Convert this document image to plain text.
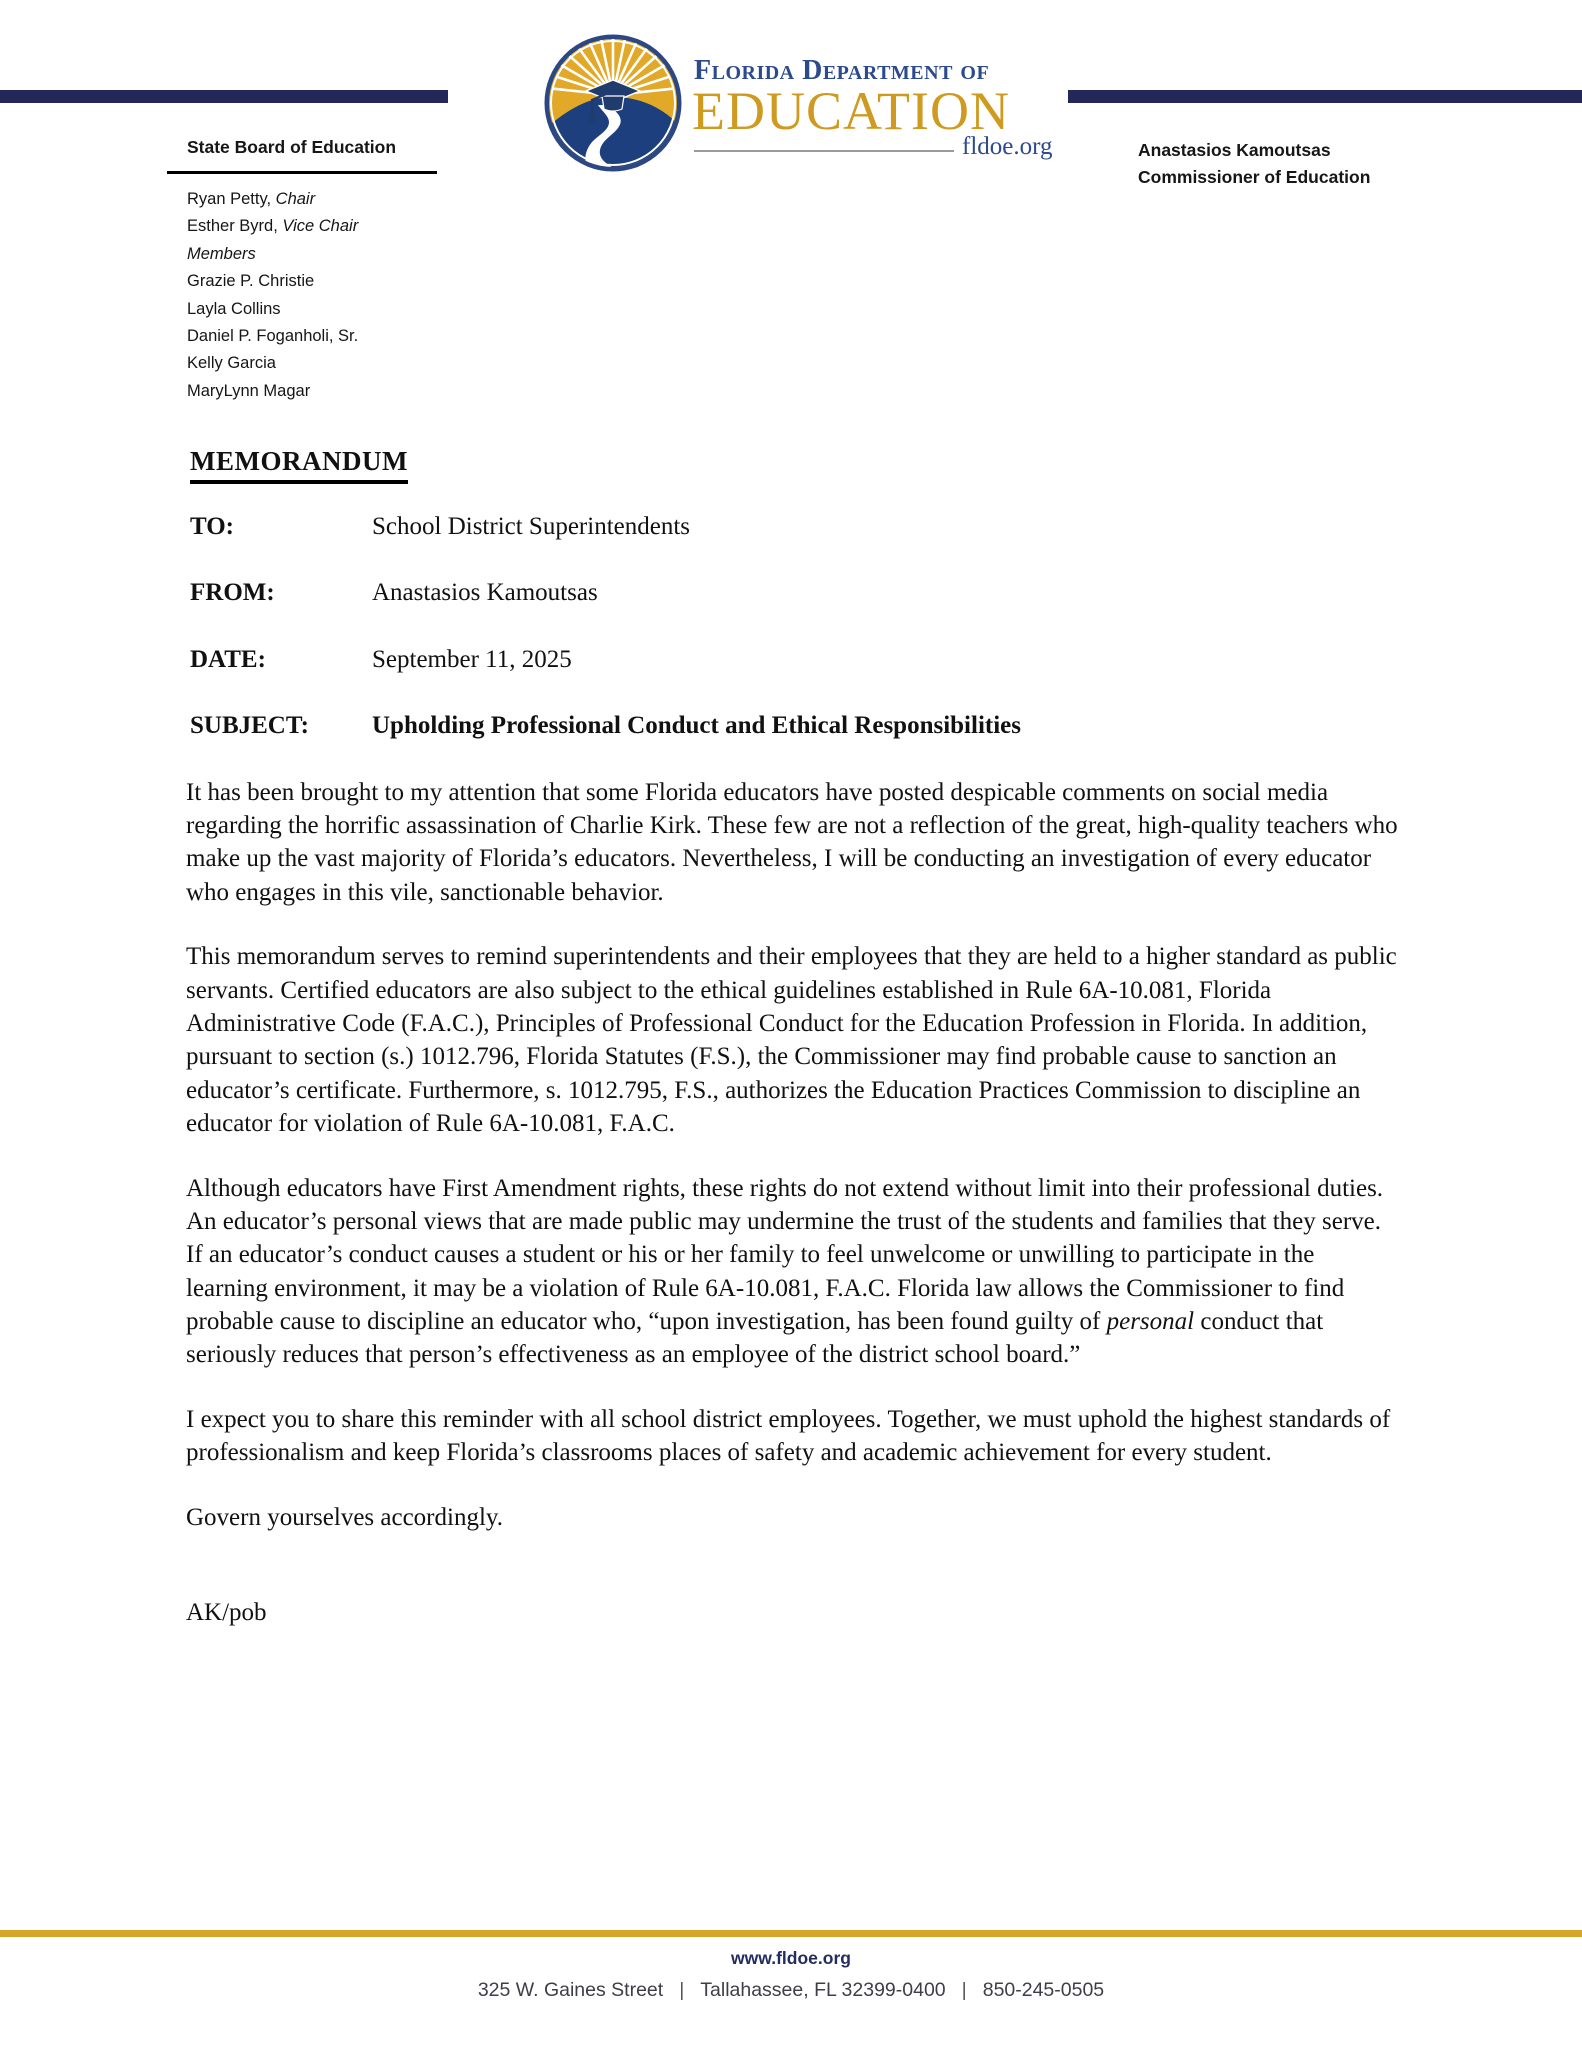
Florida Department of
EDUCATION
fldoe.org	Anastasios Kamoutsas
Commissioner of Education
State Board of Education
Ryan Petty, Chair
Esther Byrd, Vice Chair
Members
Grazie P. Christie
Layla Collins
Daniel P. Foganholi, Sr.
Kelly Garcia
MaryLynn Magar
MEMORANDUM
TO:	School District Superintendents
FROM:	Anastasios Kamoutsas
DATE:	September 11, 2025
SUBJECT:	Upholding Professional Conduct and Ethical Responsibilities

It has been brought to my attention that some Florida educators have posted despicable comments on social media regarding the horrific assassination of Charlie Kirk. These few are not a reflection of the great, high-quality teachers who make up the vast majority of Florida’s educators. Nevertheless, I will be conducting an investigation of every educator who engages in this vile, sanctionable behavior.

This memorandum serves to remind superintendents and their employees that they are held to a higher standard as public servants. Certified educators are also subject to the ethical guidelines established in Rule 6A-10.081, Florida Administrative Code (F.A.C.), Principles of Professional Conduct for the Education Profession in Florida. In addition, pursuant to section (s.) 1012.796, Florida Statutes (F.S.), the Commissioner may find probable cause to sanction an educator’s certificate. Furthermore, s. 1012.795, F.S., authorizes the Education Practices Commission to discipline an educator for violation of Rule 6A-10.081, F.A.C.

Although educators have First Amendment rights, these rights do not extend without limit into their professional duties. An educator’s personal views that are made public may undermine the trust of the students and families that they serve. If an educator’s conduct causes a student or his or her family to feel unwelcome or unwilling to participate in the learning environment, it may be a violation of Rule 6A-10.081, F.A.C. Florida law allows the Commissioner to find probable cause to discipline an educator who, “upon investigation, has been found guilty of personal conduct that seriously reduces that person’s effectiveness as an employee of the district school board.”

I expect you to share this reminder with all school district employees. Together, we must uphold the highest standards of professionalism and keep Florida’s classrooms places of safety and academic achievement for every student.

Govern yourselves accordingly.

AK/pob

www.fldoe.org
325 W. Gaines Street | Tallahassee, FL 32399-0400 | 850-245-0505
